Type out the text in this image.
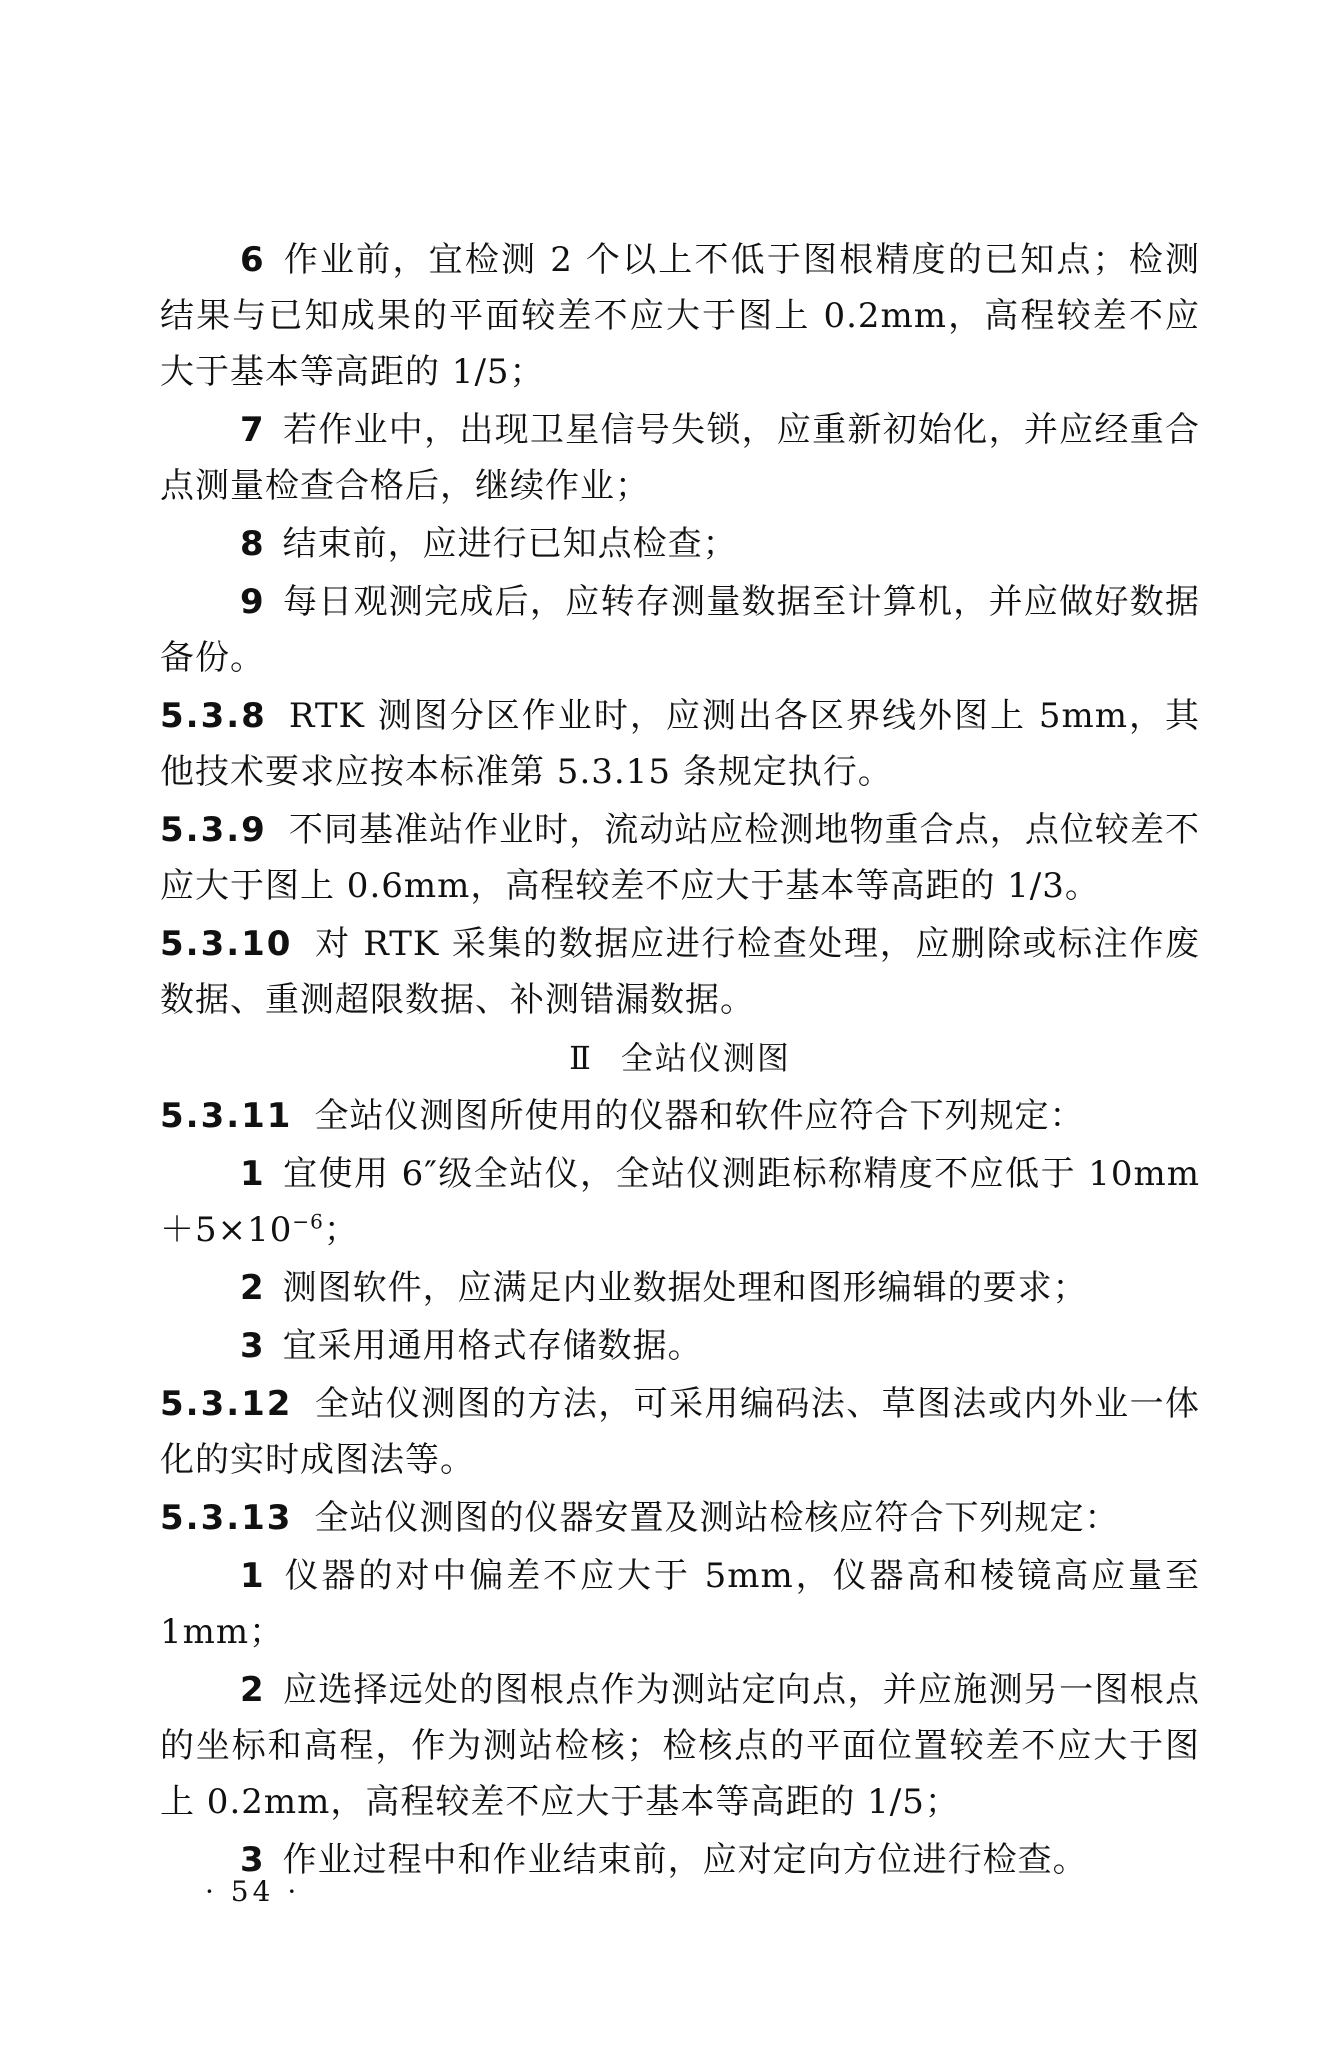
6 作业前，宜检测 2 个以上不低于图根精度的已知点；检测结果与已知成果的平面较差不应大于图上 0.2mm，高程较差不应大于基本等高距的 1/5；
7 若作业中，出现卫星信号失锁，应重新初始化，并应经重合点测量检查合格后，继续作业；
8 结束前，应进行已知点检查；
9 每日观测完成后，应转存测量数据至计算机，并应做好数据备份。
5.3.8 RTK 测图分区作业时，应测出各区界线外图上 5mm，其他技术要求应按本标准第 5.3.15 条规定执行。
5.3.9 不同基准站作业时，流动站应检测地物重合点，点位较差不应大于图上 0.6mm，高程较差不应大于基本等高距的 1/3。
5.3.10 对 RTK 采集的数据应进行检查处理，应删除或标注作废数据、重测超限数据、补测错漏数据。
Ⅱ 全站仪测图
5.3.11 全站仪测图所使用的仪器和软件应符合下列规定：
1 宜使用 6″级全站仪，全站仪测距标称精度不应低于 $10mm+5\times 10^{-6}$；
2 测图软件，应满足内业数据处理和图形编辑的要求；
3 宜采用通用格式存储数据。
5.3.12 全站仪测图的方法，可采用编码法、草图法或内外业一体化的实时成图法等。
5.3.13 全站仪测图的仪器安置及测站检核应符合下列规定：
1 仪器的对中偏差不应大于 5mm，仪器高和棱镜高应量至 1mm；
2 应选择远处的图根点作为测站定向点，并应施测另一图根点的坐标和高程，作为测站检核；检核点的平面位置较差不应大于图上 0.2mm，高程较差不应大于基本等高距的 1/5；
3 作业过程中和作业结束前，应对定向方位进行检查。
· 54 ·
